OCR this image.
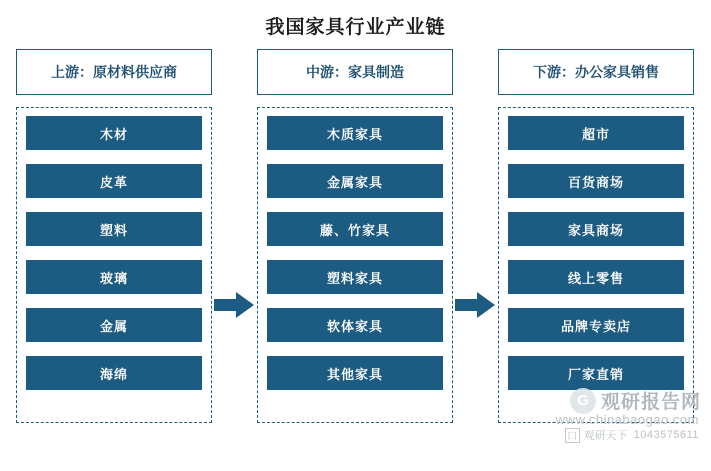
我国家具行业产业链
上游：原材料供应商
木材
皮革
塑料
玻璃
金属
海绵
中游：家具制造
木质家具
金属家具
藤、竹家具
塑料家具
软体家具
其他家具
下游：办公家具销售
超市
百货商场
家具商场
线上零售
品牌专卖店
厂家直销
G 观研报告网
www.chinabaogao.com
囗 观研天下 1043575611
